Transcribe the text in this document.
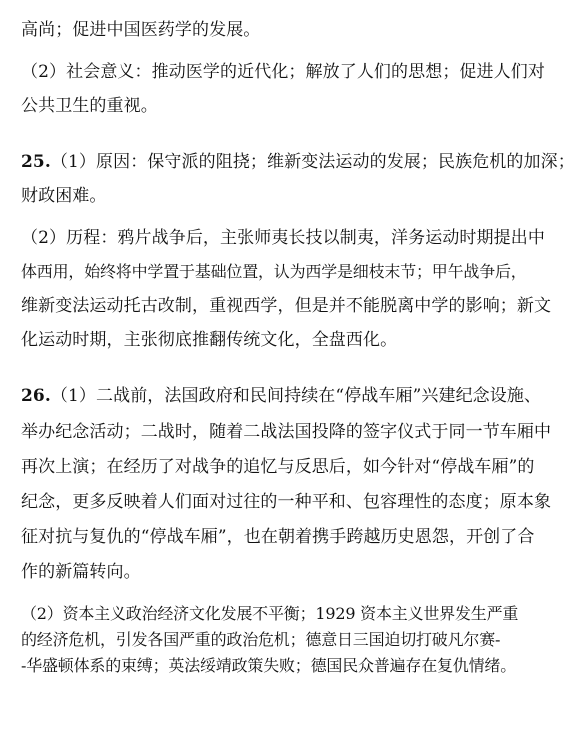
高尚；促进中国医药学的发展。
（2）社会意义：推动医学的近代化；解放了人们的思想；促进人们对
公共卫生的重视。
25.（1）原因：保守派的阻挠；维新变法运动的发展；民族危机的加深；
财政困难。
（2）历程：鸦片战争后，主张师夷长技以制夷，洋务运动时期提出中
体西用，始终将中学置于基础位置，认为西学是细枝末节；甲午战争后，
维新变法运动托古改制，重视西学，但是并不能脱离中学的影响；新文
化运动时期，主张彻底推翻传统文化，全盘西化。
26.（1）二战前，法国政府和民间持续在“停战车厢”兴建纪念设施、
举办纪念活动；二战时，随着二战法国投降的签字仪式于同一节车厢中
再次上演；在经历了对战争的追忆与反思后，如今针对“停战车厢”的
纪念，更多反映着人们面对过往的一种平和、包容理性的态度；原本象
征对抗与复仇的“停战车厢”，也在朝着携手跨越历史恩怨，开创了合
作的新篇转向。
（2）资本主义政治经济文化发展不平衡；1929 资本主义世界发生严重
的经济危机，引发各国严重的政治危机；德意日三国迫切打破凡尔赛-
-华盛顿体系的束缚；英法绥靖政策失败；德国民众普遍存在复仇情绪。
